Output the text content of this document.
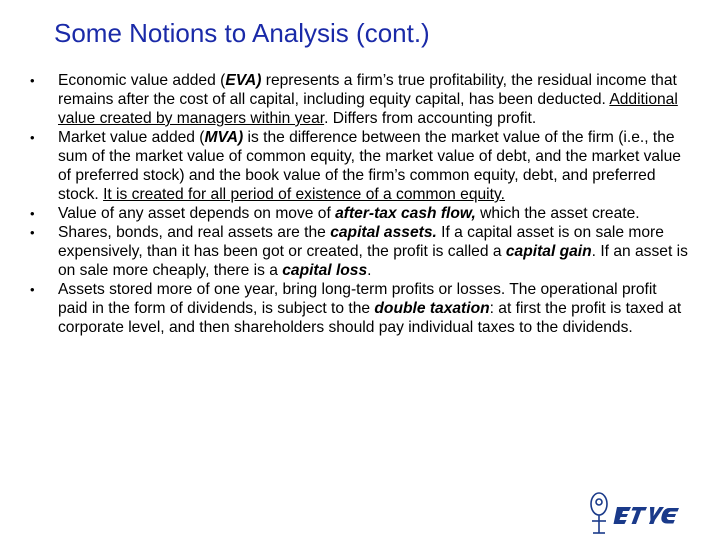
Some Notions to Analysis (cont.)
• Economic value added (EVA) represents a firm’s true profitability, the residual income that remains after the cost of all capital, including equity capital, has been deducted. Additional value created by managers within year. Differs from accounting profit.
• Market value added (MVA) is the difference between the market value of the firm (i.e., the sum of the market value of common equity, the market value of debt, and the market value of preferred stock) and the book value of the firm’s common equity, debt, and preferred stock. It is created for all period of existence of a common equity.
• Value of any asset depends on move of after-tax cash flow, which the asset create.
• Shares, bonds, and real assets are the capital assets. If a capital asset is on sale more expensively, than it has been got or created, the profit is called a capital gain. If an asset is on sale more cheaply, there is a capital loss.
• Assets stored more of one year, bring long-term profits or losses. The operational profit paid in the form of dividends, is subject to the double taxation: at first the profit is taxed at corporate level, and then shareholders should pay individual taxes to the dividends.
